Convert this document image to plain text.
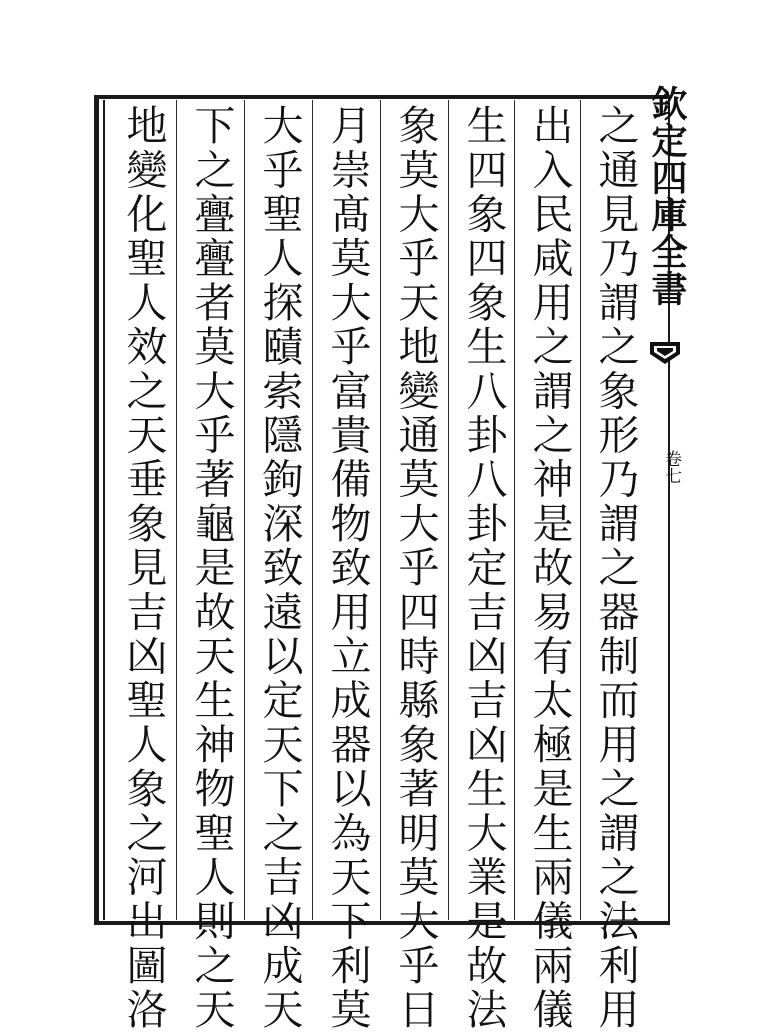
之通見乃謂之象形乃謂之器制而用之謂之法利用
出入民咸用之謂之神是故易有太極是生兩儀兩儀
生四象四象生八卦八卦定吉凶吉凶生大業是故法
象莫大乎天地變通莫大乎四時縣象著明莫大乎日
月崇髙莫大乎富貴備物致用立成器以為天下利莫
大乎聖人探賾索隱鉤深致遠以定天下之吉凶成天
下之亹亹者莫大乎著龜是故天生神物聖人則之天
地變化聖人效之天垂象見吉凶聖人象之河出圖洛	欽定四庫全書
卷七
